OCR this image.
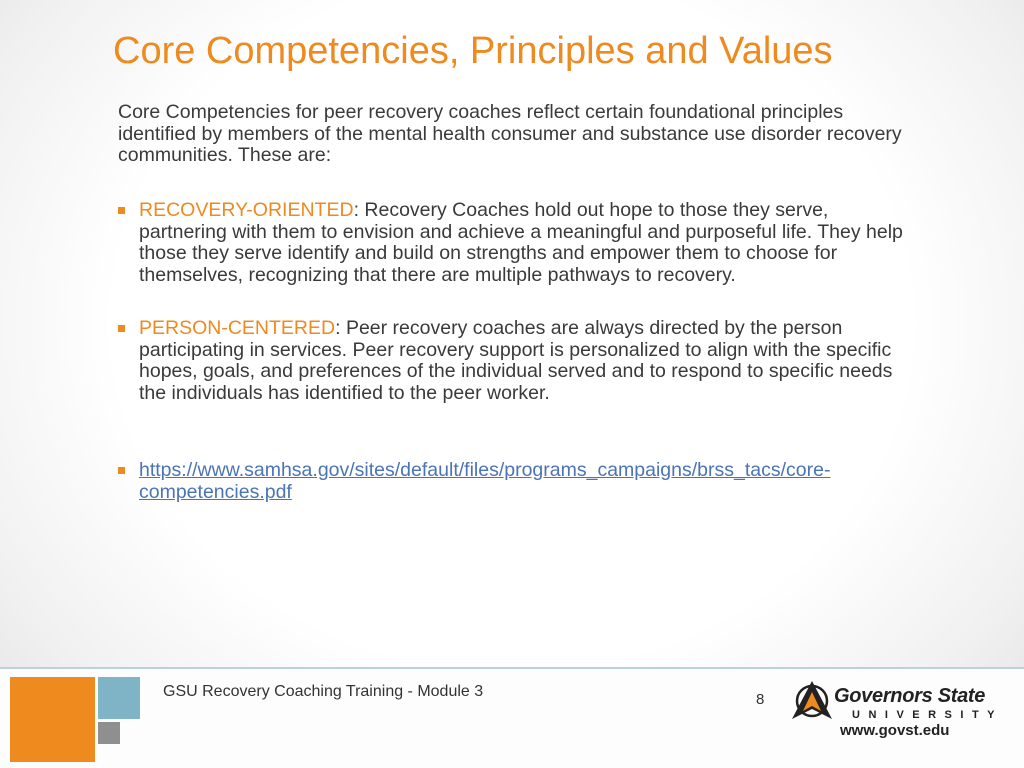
Core Competencies, Principles and Values

Core Competencies for peer recovery coaches reflect certain foundational principles identified by members of the mental health consumer and substance use disorder recovery communities. These are:

RECOVERY-ORIENTED: Recovery Coaches hold out hope to those they serve, partnering with them to envision and achieve a meaningful and purposeful life. They help those they serve identify and build on strengths and empower them to choose for themselves, recognizing that there are multiple pathways to recovery.
PERSON-CENTERED: Peer recovery coaches are always directed by the person participating in services. Peer recovery support is personalized to align with the specific hopes, goals, and preferences of the individual served and to respond to specific needs the individuals has identified to the peer worker.
https://www.samhsa.gov/sites/default/files/programs_campaigns/brss_tacs/core-competencies.pdf
GSU Recovery Coaching Training - Module 3	8	Governors State
UNIVERSITY
www.govst.edu
